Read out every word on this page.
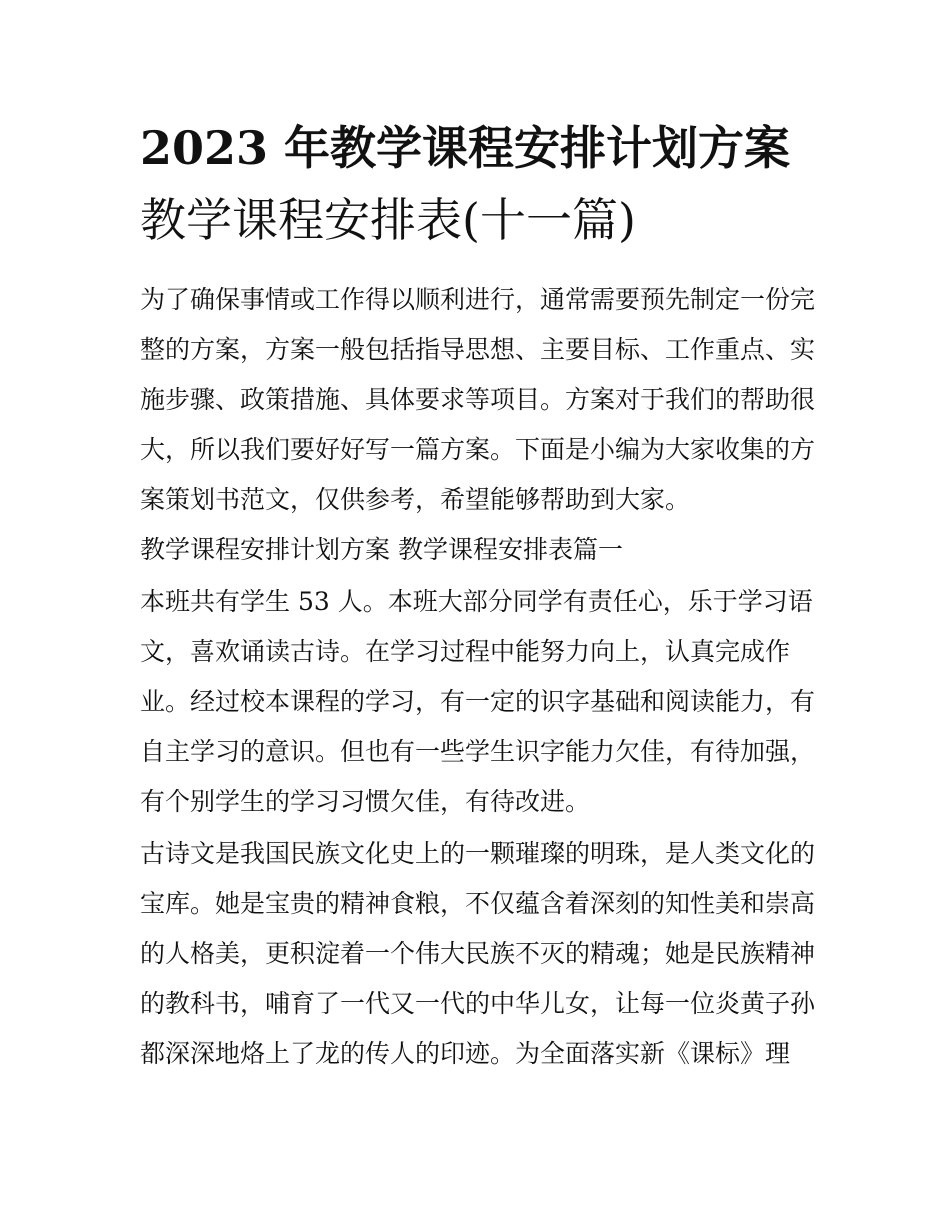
2023 年教学课程安排计划方案
教学课程安排表(十一篇)
为了确保事情或工作得以顺利进行，通常需要预先制定一份完
整的方案，方案一般包括指导思想、主要目标、工作重点、实
施步骤、政策措施、具体要求等项目。方案对于我们的帮助很
大，所以我们要好好写一篇方案。下面是小编为大家收集的方
案策划书范文，仅供参考，希望能够帮助到大家。
教学课程安排计划方案 教学课程安排表篇一
本班共有学生 53 人。本班大部分同学有责任心，乐于学习语
文，喜欢诵读古诗。在学习过程中能努力向上，认真完成作
业。经过校本课程的学习，有一定的识字基础和阅读能力，有
自主学习的意识。但也有一些学生识字能力欠佳，有待加强，
有个别学生的学习习惯欠佳，有待改进。
古诗文是我国民族文化史上的一颗璀璨的明珠，是人类文化的
宝库。她是宝贵的精神食粮，不仅蕴含着深刻的知性美和崇高
的人格美，更积淀着一个伟大民族不灭的精魂；她是民族精神
的教科书，哺育了一代又一代的中华儿女，让每一位炎黄子孙
都深深地烙上了龙的传人的印迹。为全面落实新《课标》理
